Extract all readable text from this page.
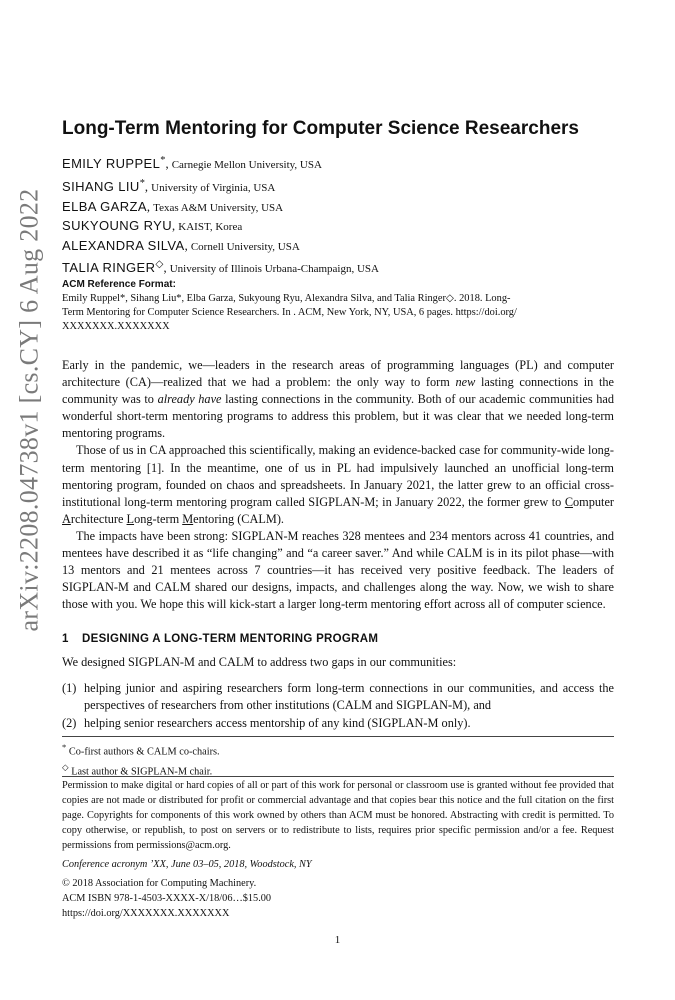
arXiv:2208.04738v1 [cs.CY] 6 Aug 2022
Long-Term Mentoring for Computer Science Researchers
EMILY RUPPEL*, Carnegie Mellon University, USA
SIHANG LIU*, University of Virginia, USA
ELBA GARZA, Texas A&M University, USA
SUKYOUNG RYU, KAIST, Korea
ALEXANDRA SILVA, Cornell University, USA
TALIA RINGER◇, University of Illinois Urbana-Champaign, USA
ACM Reference Format:
Emily Ruppel*, Sihang Liu*, Elba Garza, Sukyoung Ryu, Alexandra Silva, and Talia Ringer◇. 2018. Long-
Term Mentoring for Computer Science Researchers. In . ACM, New York, NY, USA, 6 pages. https://doi.org/
XXXXXXX.XXXXXXX

Early in the pandemic, we—leaders in the research areas of programming languages (PL) and computer architecture (CA)—realized that we had a problem: the only way to form new lasting connections in the community was to already have lasting connections in the community. Both of our academic communities had wonderful short-term mentoring programs to address this problem, but it was clear that we needed long-term mentoring programs.

Those of us in CA approached this scientifically, making an evidence-backed case for community-wide long-term mentoring [1]. In the meantime, one of us in PL had impulsively launched an unofficial long-term mentoring program, founded on chaos and spreadsheets. In January 2021, the latter grew to an official cross-institutional long-term mentoring program called SIGPLAN-M; in January 2022, the former grew to Computer Architecture Long-term Mentoring (CALM).

The impacts have been strong: SIGPLAN-M reaches 328 mentees and 234 mentors across 41 countries, and mentees have described it as “life changing” and “a career saver.” And while CALM is in its pilot phase—with 13 mentors and 21 mentees across 7 countries—it has received very positive feedback. The leaders of SIGPLAN-M and CALM shared our designs, impacts, and challenges along the way. Now, we wish to share those with you. We hope this will kick-start a larger long-term mentoring effort across all of computer science.

1 DESIGNING A LONG-TERM MENTORING PROGRAM
We designed SIGPLAN-M and CALM to address two gaps in our communities:
(1) helping junior and aspiring researchers form long-term connections in our communities, and access the perspectives of researchers from other institutions (CALM and SIGPLAN-M), and
(2) helping senior researchers access mentorship of any kind (SIGPLAN-M only).
* Co-first authors & CALM co-chairs.
◇ Last author & SIGPLAN-M chair.

Permission to make digital or hard copies of all or part of this work for personal or classroom use is granted without fee provided that copies are not made or distributed for profit or commercial advantage and that copies bear this notice and the full citation on the first page. Copyrights for components of this work owned by others than ACM must be honored. Abstracting with credit is permitted. To copy otherwise, or republish, to post on servers or to redistribute to lists, requires prior specific permission and/or a fee. Request permissions from permissions@acm.org.

Conference acronym ’XX, June 03–05, 2018, Woodstock, NY
© 2018 Association for Computing Machinery.
ACM ISBN 978-1-4503-XXXX-X/18/06…$15.00
https://doi.org/XXXXXXX.XXXXXXX
1
